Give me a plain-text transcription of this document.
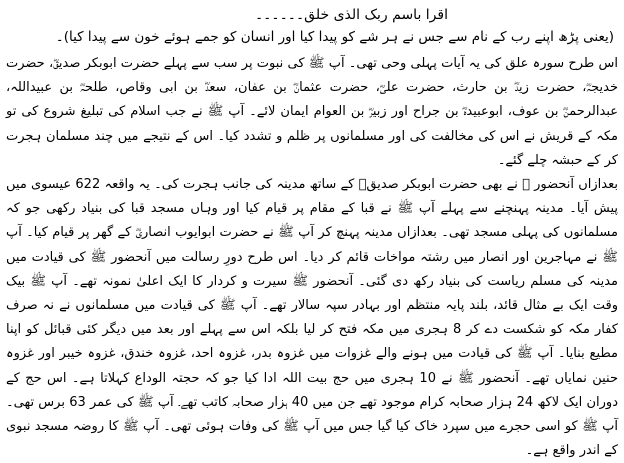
اقرا باسم ربک الذی خلق۔۔۔۔۔۔
(یعنی پڑھ اپنے رب کے نام سے جس نے ہر شے کو پیدا کیا اور انسان کو جمے ہوئے خون سے پیدا کیا)۔

اس طرح سورہ علق کی یہ آیات پہلی وحی تھی۔ آپ ﷺ کی نبوت پر سب سے پہلے حضرت ابوبکر صدیقؓ، حضرت خدیجہؓ، حضرت زیدؓ بن حارث، حضرت علیؓ، حضرت عثمانؓ بن عفان، سعدؓ بن ابی وقاص، طلحہؓ بن عبیداللہ، عبدالرحمنؓ بن عوف، ابوعبیدہؓ بن جراح اور زبیرؓ بن العوام ایمان لائے۔ آپ ﷺ نے جب اسلام کی تبلیغ شروع کی تو مکہ کے قریش نے اس کی مخالفت کی اور مسلمانوں پر ظلم و تشدد کیا۔ اس کے نتیجے میں چند مسلمان ہجرت کر کے حبشہ چلے گئے۔

بعدازاں آنحضور ﷺ نے بھی حضرت ابوبکر صدیقؓ کے ساتھ مدینہ کی جانب ہجرت کی۔ یہ واقعہ 622 عیسوی میں پیش آیا۔ مدینہ پہنچنے سے پہلے آپ ﷺ نے قبا کے مقام پر قیام کیا اور وہاں مسجد قبا کی بنیاد رکھی جو کہ مسلمانوں کی پہلی مسجد تھی۔ بعدازاں مدینہ پہنچ کر آپ ﷺ نے حضرت ابوایوب انصاریؓ کے گھر پر قیام کیا۔ آپ ﷺ نے مہاجرین اور انصار میں رشتہ مواخات قائم کر دیا۔ اس طرح دورِ رسالت میں آنحضور ﷺ کی قیادت میں مدینہ کی مسلم ریاست کی بنیاد رکھ دی گئی۔ آنحضور ﷺ سیرت و کردار کا ایک اعلیٰ نمونہ تھے۔ آپ ﷺ بیک وقت ایک بے مثال قائد، بلند پایہ منتظم اور بہادر سپہ سالار تھے۔ آپ ﷺ کی قیادت میں مسلمانوں نے نہ صرف کفار مکہ کو شکست دے کر 8 ہجری میں مکہ فتح کر لیا بلکہ اس سے پہلے اور بعد میں دیگر کئی قبائل کو اپنا مطیع بنایا۔ آپ ﷺ کی قیادت میں ہونے والے غزوات میں غزوہ بدر، غزوہ احد، غزوہ خندق، غزوہ خیبر اور غزوہ حنین نمایاں تھے۔ آنحضور ﷺ نے 10 ہجری میں حج بیت اللہ ادا کیا جو کہ حجتہ الوداع کہلاتا ہے۔ اس حج کے دوران ایک لاکھ 24 ہزار صحابہ کرام موجود تھے جن میں 40 ہزار صحابہ کاتب تھے۔ آپ ﷺ کی عمر 63 برس تھی۔ آپ ﷺ کو اسی حجرے میں سپرد خاک کیا گیا جس میں آپ ﷺ کی وفات ہوئی تھی۔ آپ ﷺ کا روضہ مسجد نبوی کے اندر واقع ہے۔
